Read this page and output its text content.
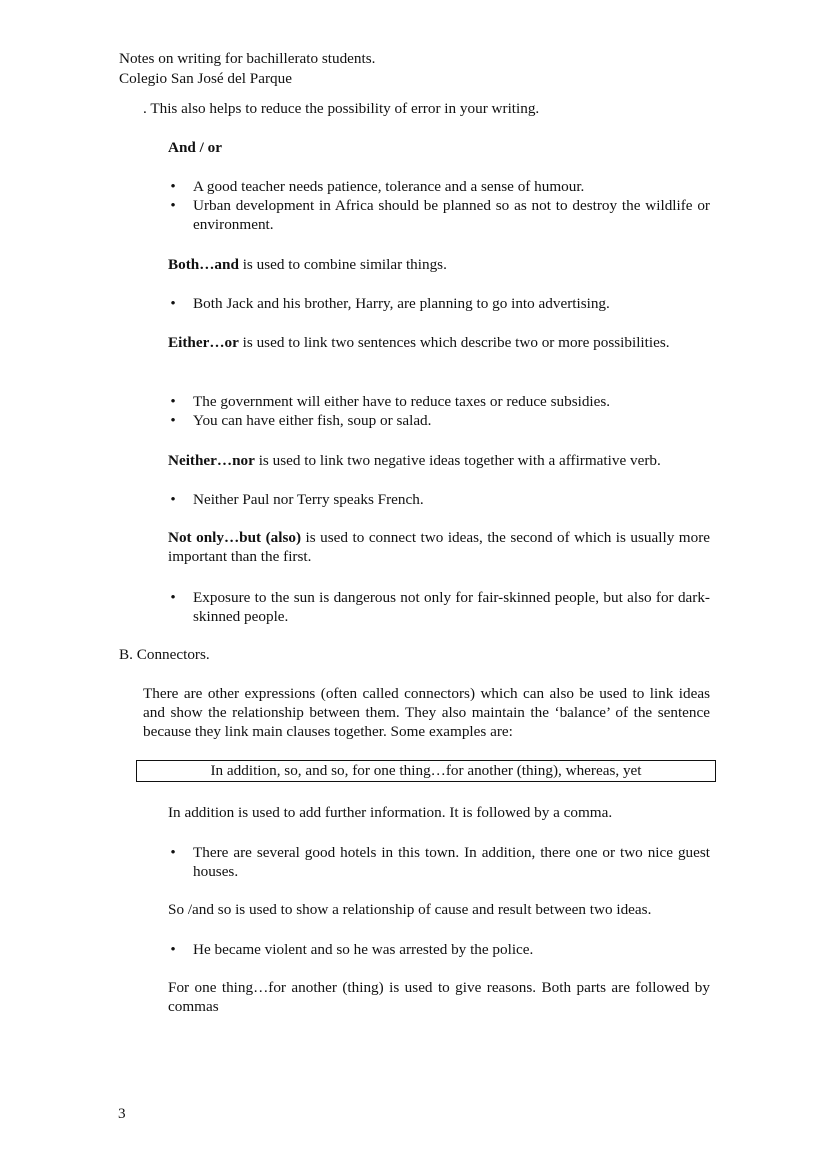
Notes on writing for bachillerato students.
Colegio San José del Parque
. This also helps to reduce the possibility of error in your writing.
And / or
• A good teacher needs patience, tolerance and a sense of humour.
• Urban development in Africa should be planned so as not to destroy the wildlife or environment.
Both…and is used to combine similar things.
• Both Jack and his brother, Harry, are planning to go into advertising.
Either…or is used to link two sentences which describe two or more possibilities.
• The government will either have to reduce taxes or reduce subsidies.
• You can have either fish, soup or salad.
Neither…nor is used to link two negative ideas together with a affirmative verb.
• Neither Paul nor Terry speaks French.
Not only…but (also) is used to connect two ideas, the second of which is usually more important than the first.
• Exposure to the sun is dangerous not only for fair-skinned people, but also for dark-skinned people.
B. Connectors.
There are other expressions (often called connectors) which can also be used to link ideas and show the relationship between them. They also maintain the ‘balance’ of the sentence because they link main clauses together. Some examples are:
In addition, so, and so, for one thing…for another (thing), whereas, yet
In addition is used to add further information. It is followed by a comma.
• There are several good hotels in this town. In addition, there one or two nice guest houses.
So /and so is used to show a relationship of cause and result between two ideas.
• He became violent and so he was arrested by the police.
For one thing…for another (thing) is used to give reasons. Both parts are followed by commas
3
